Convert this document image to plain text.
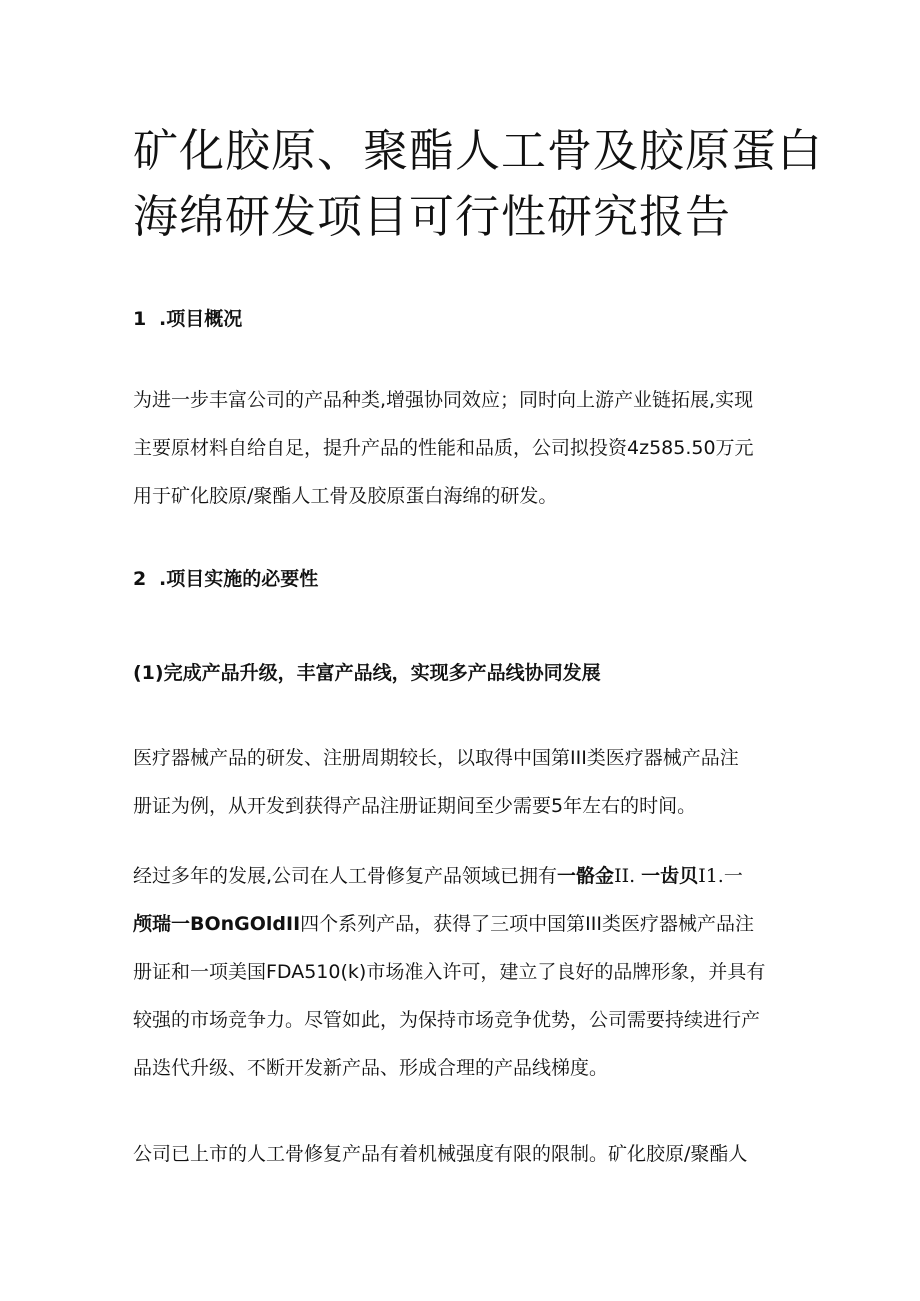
矿化胶原、聚酯人工骨及胶原蛋白
海绵研发项目可行性研究报告
1 .项目概况

为进一步丰富公司的产品种类,增强协同效应；同时向上游产业链拓展,实现
主要原材料自给自足，提升产品的性能和品质，公司拟投资4z585.50万元
用于矿化胶原/聚酯人工骨及胶原蛋白海绵的研发。

2 .项目实施的必要性
(1)完成产品升级，丰富产品线，实现多产品线协同发展

医疗器械产品的研发、注册周期较长，以取得中国第III类医疗器械产品注
册证为例，从开发到获得产品注册证期间至少需要5年左右的时间。

经过多年的发展,公司在人工骨修复产品领域已拥有一骼金II. 一齿贝I1.一
颅瑞一BOnGOldII四个系列产品，获得了三项中国第III类医疗器械产品注
册证和一项美国FDA510(k)市场准入许可，建立了良好的品牌形象，并具有
较强的市场竞争力。尽管如此，为保持市场竞争优势，公司需要持续进行产
品迭代升级、不断开发新产品、形成合理的产品线梯度。

公司已上市的人工骨修复产品有着机械强度有限的限制。矿化胶原/聚酯人
